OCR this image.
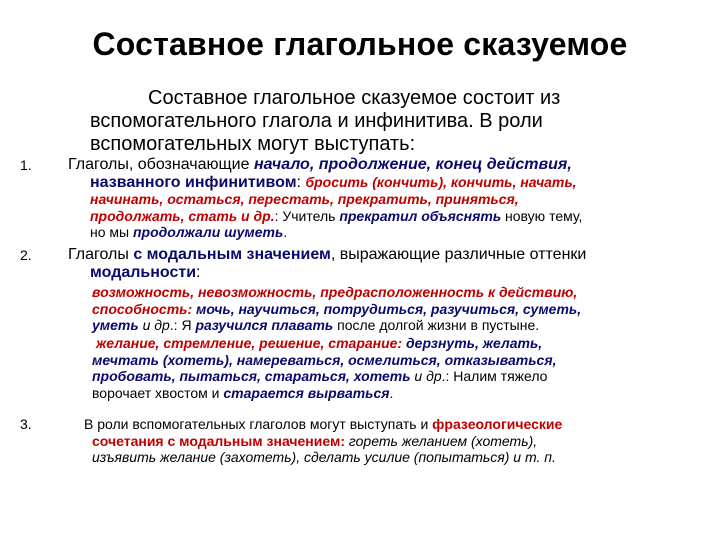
Составное глагольное сказуемое
Составное глагольное сказуемое состоит из вспомогательного глагола и инфинитива. В роли вспомогательных могут выступать:
1. Глаголы, обозначающие начало, продолжение, конец действия,
названного инфинитивом: бросить (кончить), кончить, начать,
начинать, остаться, перестать, прекратить, приняться,
продолжать, стать и др.: Учитель прекратил объяснять новую тему,
но мы продолжали шуметь.
2. Глаголы с модальным значением, выражающие различные оттенки
модальности:
возможность, невозможность, предрасположенность к действию,
способность: мочь, научиться, потрудиться, разучиться, суметь,
уметь и др.: Я разучился плавать после долгой жизни в пустыне.
желание, стремление, решение, старание: дерзнуть, желать,
мечтать (хотеть), намереваться, осмелиться, отказываться,
пробовать, пытаться, стараться, хотеть и др.: Налим тяжело
ворочает хвостом и старается вырваться.
3.	В роли вспомогательных глаголов могут выступать и фразеологические
сочетания с модальным значением: гореть желанием (хотеть),
изъявить желание (захотеть), сделать усилие (попытаться) и т. п.
